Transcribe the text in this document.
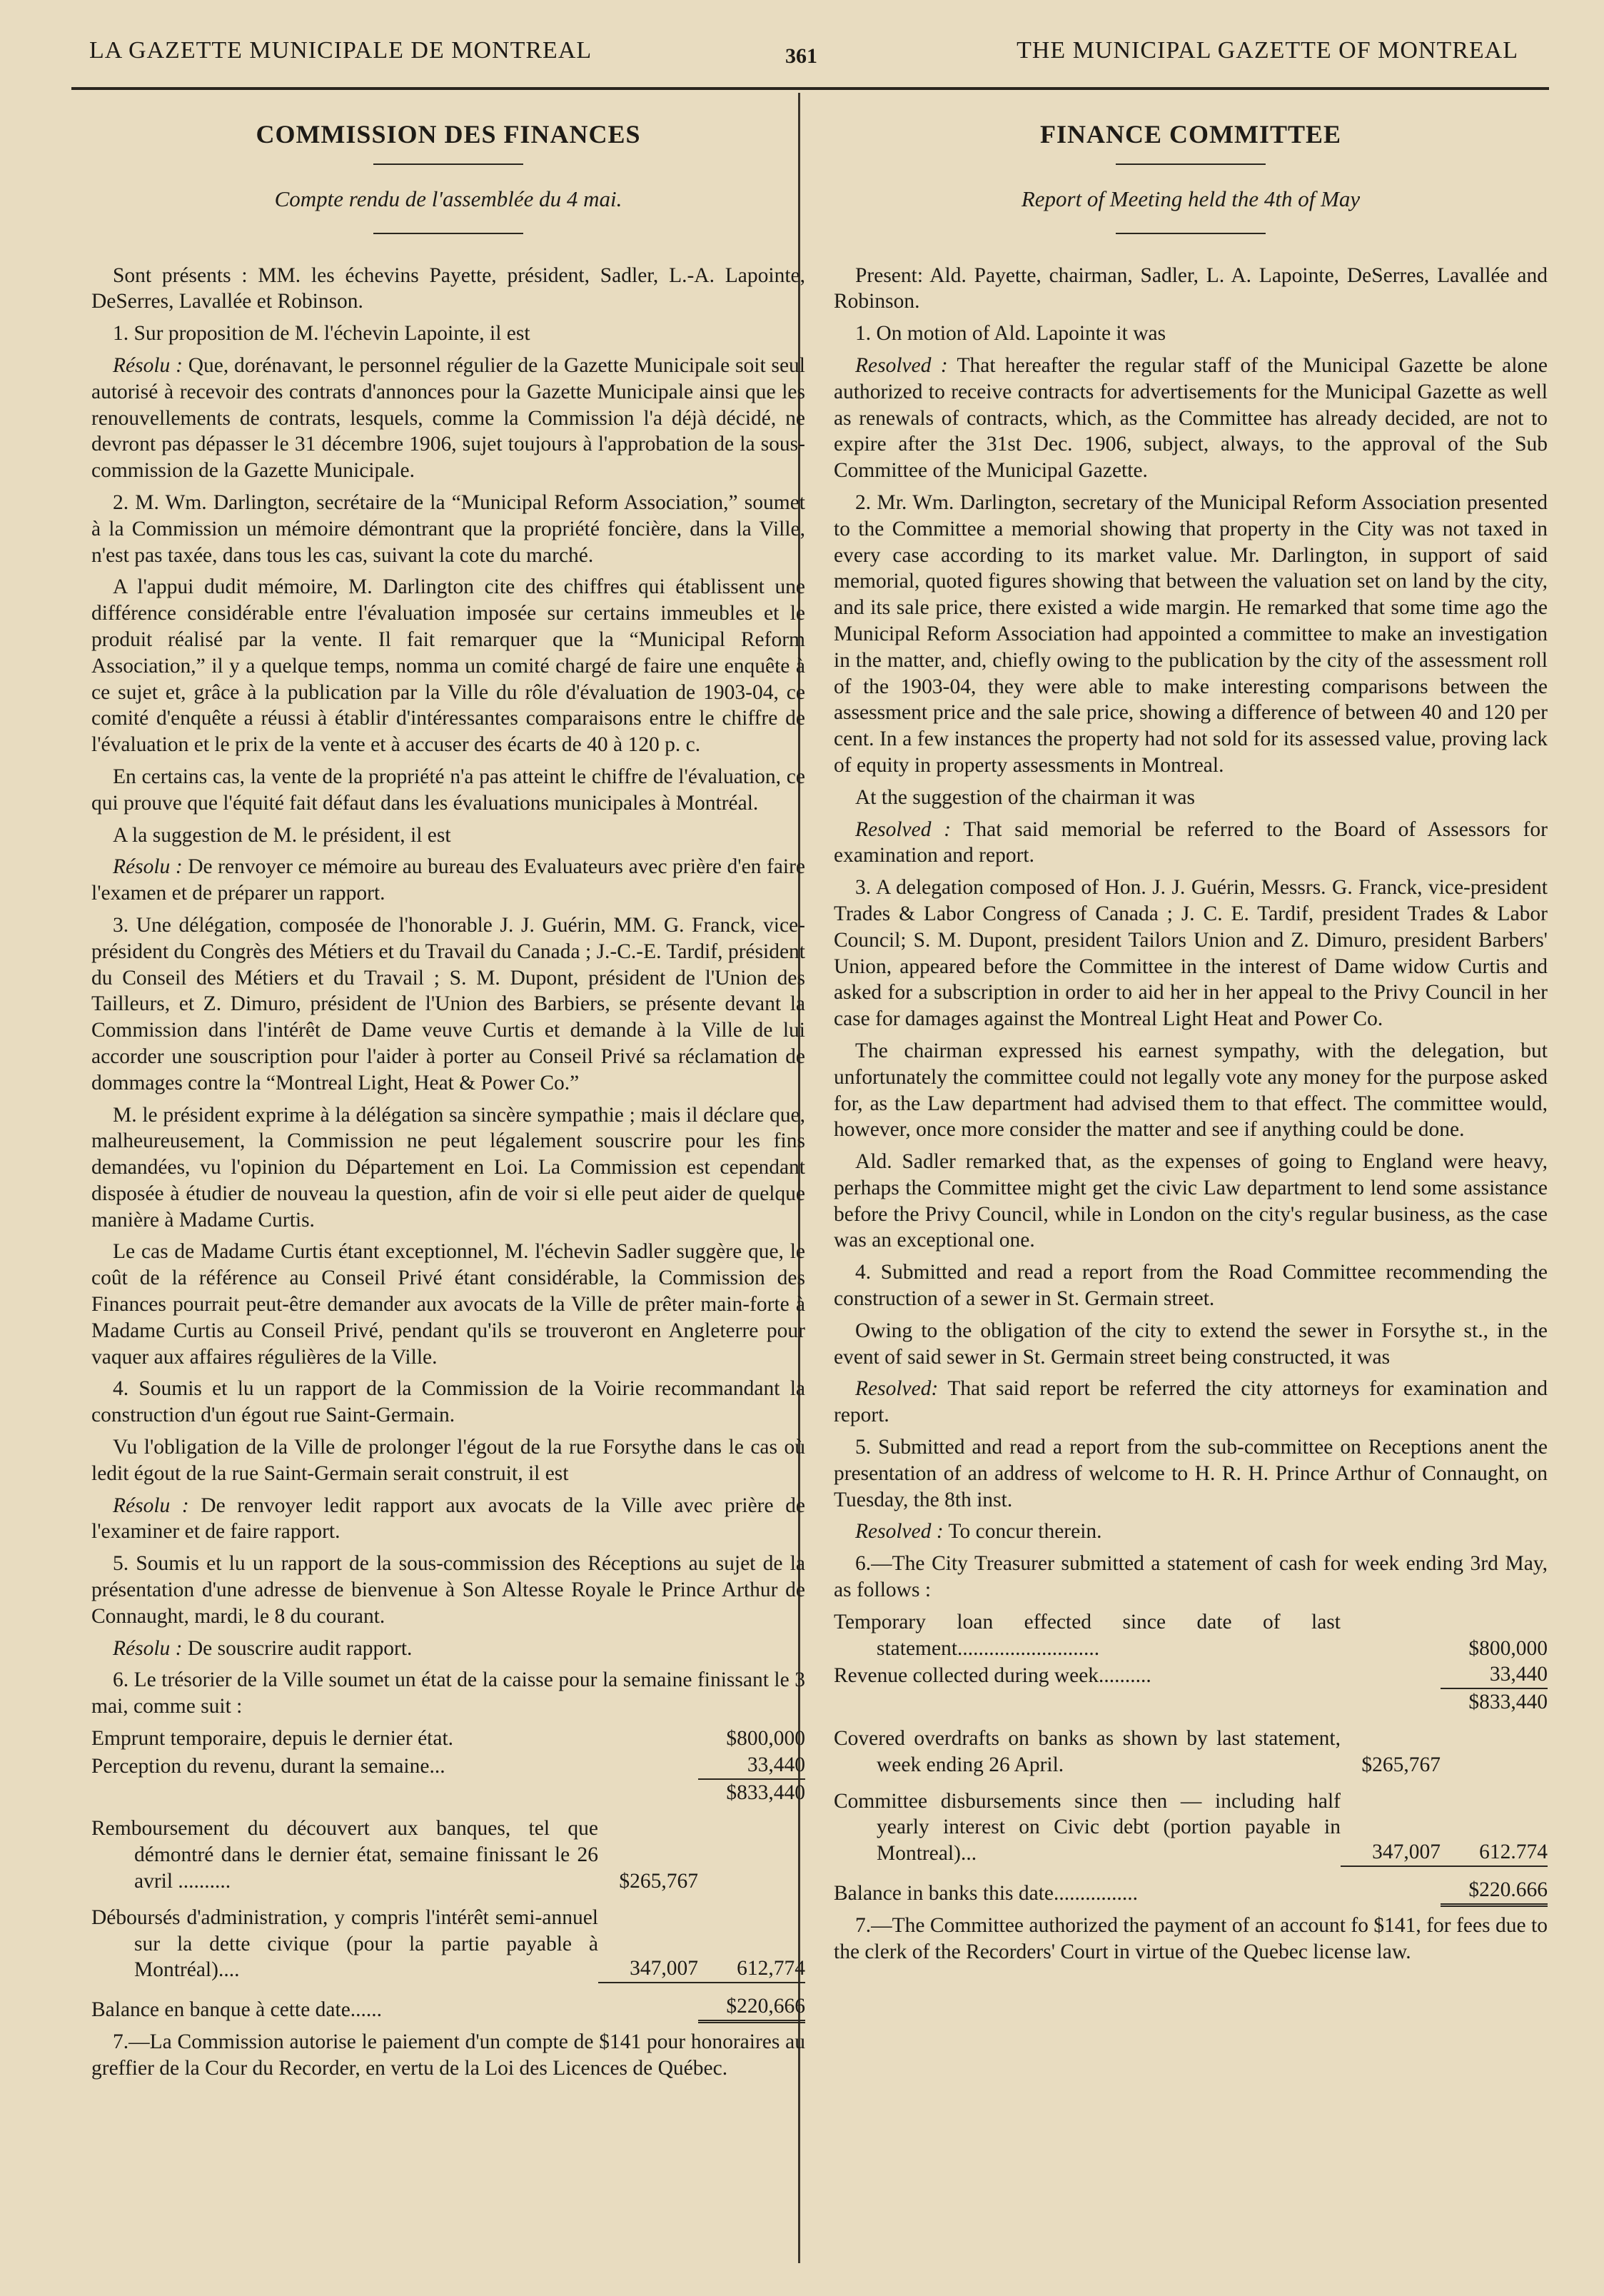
LA GAZETTE MUNICIPALE DE MONTREAL	361	THE MUNICIPAL GAZETTE OF MONTREAL
COMMISSION DES FINANCES
Compte rendu de l'assemblée du 4 mai.

Sont présents : MM. les échevins Payette, président, Sadler, L.-A. Lapointe, DeSerres, Lavallée et Robinson.

1. Sur proposition de M. l'échevin Lapointe, il est

Résolu : Que, dorénavant, le personnel régulier de la Gazette Municipale soit seul autorisé à recevoir des contrats d'annonces pour la Gazette Municipale ainsi que les renouvellements de contrats, lesquels, comme la Commission l'a déjà décidé, ne devront pas dépasser le 31 décembre 1906, sujet toujours à l'approbation de la sous-commission de la Gazette Municipale.

2. M. Wm. Darlington, secrétaire de la “Municipal Reform Association,” soumet à la Commission un mémoire démontrant que la propriété foncière, dans la Ville, n'est pas taxée, dans tous les cas, suivant la cote du marché.

A l'appui dudit mémoire, M. Darlington cite des chiffres qui établissent une différence considérable entre l'évaluation imposée sur certains immeubles et le produit réalisé par la vente. Il fait remarquer que la “Municipal Reform Association,” il y a quelque temps, nomma un comité chargé de faire une enquête à ce sujet et, grâce à la publication par la Ville du rôle d'évaluation de 1903-04, ce comité d'enquête a réussi à établir d'intéressantes comparaisons entre le chiffre de l'évaluation et le prix de la vente et à accuser des écarts de 40 à 120 p. c.

En certains cas, la vente de la propriété n'a pas atteint le chiffre de l'évaluation, ce qui prouve que l'équité fait défaut dans les évaluations municipales à Montréal.

A la suggestion de M. le président, il est

Résolu : De renvoyer ce mémoire au bureau des Evaluateurs avec prière d'en faire l'examen et de préparer un rapport.

3. Une délégation, composée de l'honorable J. J. Guérin, MM. G. Franck, vice-président du Congrès des Métiers et du Travail du Canada ; J.-C.-E. Tardif, président du Conseil des Métiers et du Travail ; S. M. Dupont, président de l'Union des Tailleurs, et Z. Dimuro, président de l'Union des Barbiers, se présente devant la Commission dans l'intérêt de Dame veuve Curtis et demande à la Ville de lui accorder une souscription pour l'aider à porter au Conseil Privé sa réclamation de dommages contre la “Montreal Light, Heat & Power Co.”

M. le président exprime à la délégation sa sincère sympathie ; mais il déclare que, malheureusement, la Commission ne peut légalement souscrire pour les fins demandées, vu l'opinion du Département en Loi. La Commission est cependant disposée à étudier de nouveau la question, afin de voir si elle peut aider de quelque manière à Madame Curtis.

Le cas de Madame Curtis étant exceptionnel, M. l'échevin Sadler suggère que, le coût de la référence au Conseil Privé étant considérable, la Commission des Finances pourrait peut-être demander aux avocats de la Ville de prêter main-forte à Madame Curtis au Conseil Privé, pendant qu'ils se trouveront en Angleterre pour vaquer aux affaires régulières de la Ville.

4. Soumis et lu un rapport de la Commission de la Voirie recommandant la construction d'un égout rue Saint-Germain.

Vu l'obligation de la Ville de prolonger l'égout de la rue Forsythe dans le cas où ledit égout de la rue Saint-Germain serait construit, il est

Résolu : De renvoyer ledit rapport aux avocats de la Ville avec prière de l'examiner et de faire rapport.

5. Soumis et lu un rapport de la sous-commission des Réceptions au sujet de la présentation d'une adresse de bienvenue à Son Altesse Royale le Prince Arthur de Connaught, mardi, le 8 du courant.

Résolu : De souscrire audit rapport.

6. Le trésorier de la Ville soumet un état de la caisse pour la semaine finissant le 3 mai, comme suit :

Emprunt temporaire, depuis le dernier état.	$800,000
Perception du revenu, durant la semaine...	33,440
$833,440
Remboursement du découvert aux banques, tel que démontré dans le dernier état, semaine finissant le 26 avril ..........	$265,767
Déboursés d'administration, y compris l'intérêt semi-annuel sur la dette civique (pour la partie payable à Montréal)....	347,007	612,774
Balance en banque à cette date......	$220,666

7.—La Commission autorise le paiement d'un compte de $141 pour honoraires au greffier de la Cour du Recorder, en vertu de la Loi des Licences de Québec.

FINANCE COMMITTEE
Report of Meeting held the 4th of May

Present: Ald. Payette, chairman, Sadler, L. A. Lapointe, DeSerres, Lavallée and Robinson.

1. On motion of Ald. Lapointe it was

Resolved : That hereafter the regular staff of the Municipal Gazette be alone authorized to receive contracts for advertisements for the Municipal Gazette as well as renewals of contracts, which, as the Committee has already decided, are not to expire after the 31st Dec. 1906, subject, always, to the approval of the Sub Committee of the Municipal Gazette.

2. Mr. Wm. Darlington, secretary of the Municipal Reform Association presented to the Committee a memorial showing that property in the City was not taxed in every case according to its market value. Mr. Darlington, in support of said memorial, quoted figures showing that between the valuation set on land by the city, and its sale price, there existed a wide margin. He remarked that some time ago the Municipal Reform Association had appointed a committee to make an investigation in the matter, and, chiefly owing to the publication by the city of the assessment roll of the 1903-04, they were able to make interesting comparisons between the assessment price and the sale price, showing a difference of between 40 and 120 per cent. In a few instances the property had not sold for its assessed value, proving lack of equity in property assessments in Montreal.

At the suggestion of the chairman it was

Resolved : That said memorial be referred to the Board of Assessors for examination and report.

3. A delegation composed of Hon. J. J. Guérin, Messrs. G. Franck, vice-president Trades & Labor Congress of Canada ; J. C. E. Tardif, president Trades & Labor Council; S. M. Dupont, president Tailors Union and Z. Dimuro, president Barbers' Union, appeared before the Committee in the interest of Dame widow Curtis and asked for a subscription in order to aid her in her appeal to the Privy Council in her case for damages against the Montreal Light Heat and Power Co.

The chairman expressed his earnest sympathy, with the delegation, but unfortunately the committee could not legally vote any money for the purpose asked for, as the Law department had advised them to that effect. The committee would, however, once more consider the matter and see if anything could be done.

Ald. Sadler remarked that, as the expenses of going to England were heavy, perhaps the Committee might get the civic Law department to lend some assistance before the Privy Council, while in London on the city's regular business, as the case was an exceptional one.

4. Submitted and read a report from the Road Committee recommending the construction of a sewer in St. Germain street.

Owing to the obligation of the city to extend the sewer in Forsythe st., in the event of said sewer in St. Germain street being constructed, it was

Resolved: That said report be referred the city attorneys for examination and report.

5. Submitted and read a report from the sub-committee on Receptions anent the presentation of an address of welcome to H. R. H. Prince Arthur of Connaught, on Tuesday, the 8th inst.

Resolved : To concur therein.

6.—The City Treasurer submitted a statement of cash for week ending 3rd May, as follows :

Temporary loan effected since date of last statement...........................	$800,000
Revenue collected during week..........	33,440
$833,440
Covered overdrafts on banks as shown by last statement, week ending 26 April.	$265,767
Committee disbursements since then — including half yearly interest on Civic debt (portion payable in Montreal)...	347,007	612.774
Balance in banks this date................	$220.666

7.—The Committee authorized the payment of an account fo $141, for fees due to the clerk of the Recorders' Court in virtue of the Quebec license law.
